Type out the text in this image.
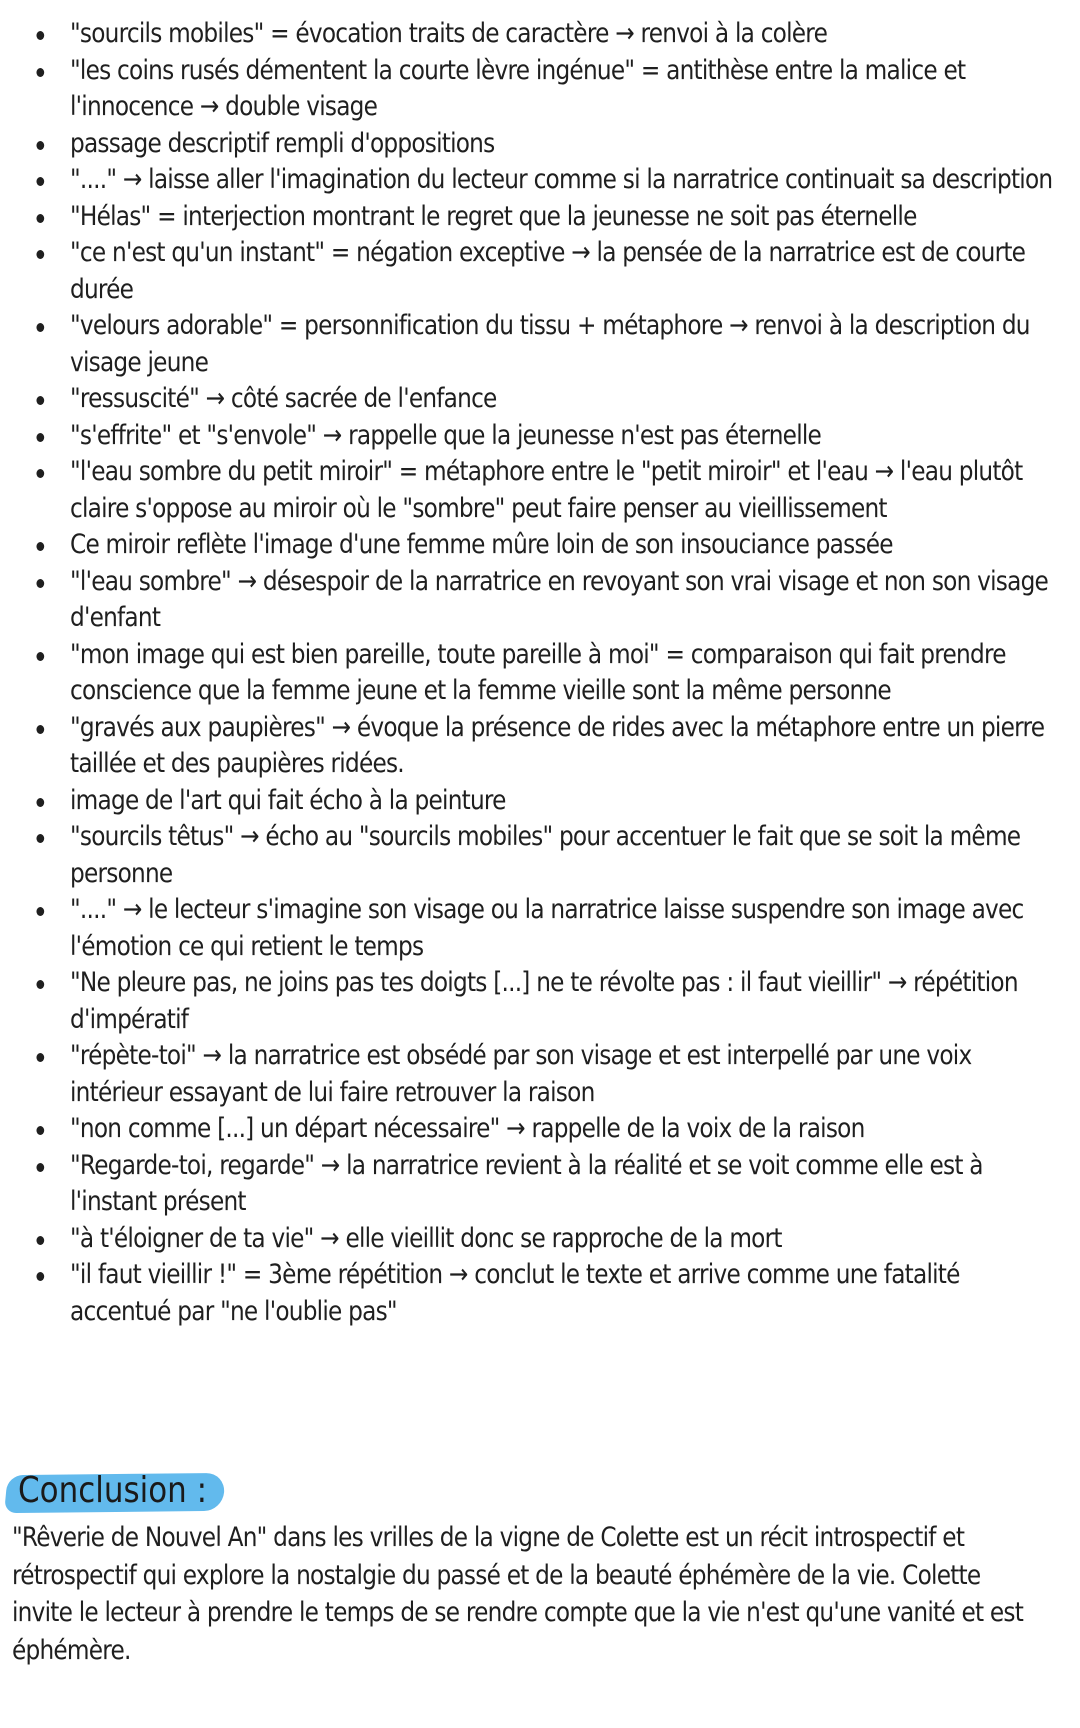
"sourcils mobiles" = évocation traits de caractère → renvoi à la colère
"les coins rusés démentent la courte lèvre ingénue" = antithèse entre la malice et l'innocence → double visage
passage descriptif rempli d'oppositions
"...." → laisse aller l'imagination du lecteur comme si la narratrice continuait sa description
"Hélas" = interjection montrant le regret que la jeunesse ne soit pas éternelle
"ce n'est qu'un instant" = négation exceptive → la pensée de la narratrice est de courte durée
"velours adorable" = personnification du tissu + métaphore → renvoi à la description du visage jeune
"ressuscité" → côté sacrée de l'enfance
"s'effrite" et "s'envole" → rappelle que la jeunesse n'est pas éternelle
"l'eau sombre du petit miroir" = métaphore entre le "petit miroir" et l'eau → l'eau plutôt claire s'oppose au miroir où le "sombre" peut faire penser au vieillissement
Ce miroir reflète l'image d'une femme mûre loin de son insouciance passée
"l'eau sombre" → désespoir de la narratrice en revoyant son vrai visage et non son visage d'enfant
"mon image qui est bien pareille, toute pareille à moi" = comparaison qui fait prendre conscience que la femme jeune et la femme vieille sont la même personne
"gravés aux paupières" → évoque la présence de rides avec la métaphore entre un pierre taillée et des paupières ridées.
image de l'art qui fait écho à la peinture
"sourcils têtus" → écho au "sourcils mobiles" pour accentuer le fait que se soit la même personne
"...." → le lecteur s'imagine son visage ou la narratrice laisse suspendre son image avec l'émotion ce qui retient le temps
"Ne pleure pas, ne joins pas tes doigts [...] ne te révolte pas : il faut vieillir" → répétition d'impératif
"répète-toi" → la narratrice est obsédé par son visage et est interpellé par une voix intérieur essayant de lui faire retrouver la raison
"non comme [...] un départ nécessaire" → rappelle de la voix de la raison
"Regarde-toi, regarde" → la narratrice revient à la réalité et se voit comme elle est à l'instant présent
"à t'éloigner de ta vie" → elle vieillit donc se rapproche de la mort
"il faut vieillir !" = 3ème répétition → conclut le texte et arrive comme une fatalité accentué par "ne l'oublie pas"
Conclusion :

"Rêverie de Nouvel An" dans les vrilles de la vigne de Colette est un récit introspectif et rétrospectif qui explore la nostalgie du passé et de la beauté éphémère de la vie. Colette invite le lecteur à prendre le temps de se rendre compte que la vie n'est qu'une vanité et est éphémère.
